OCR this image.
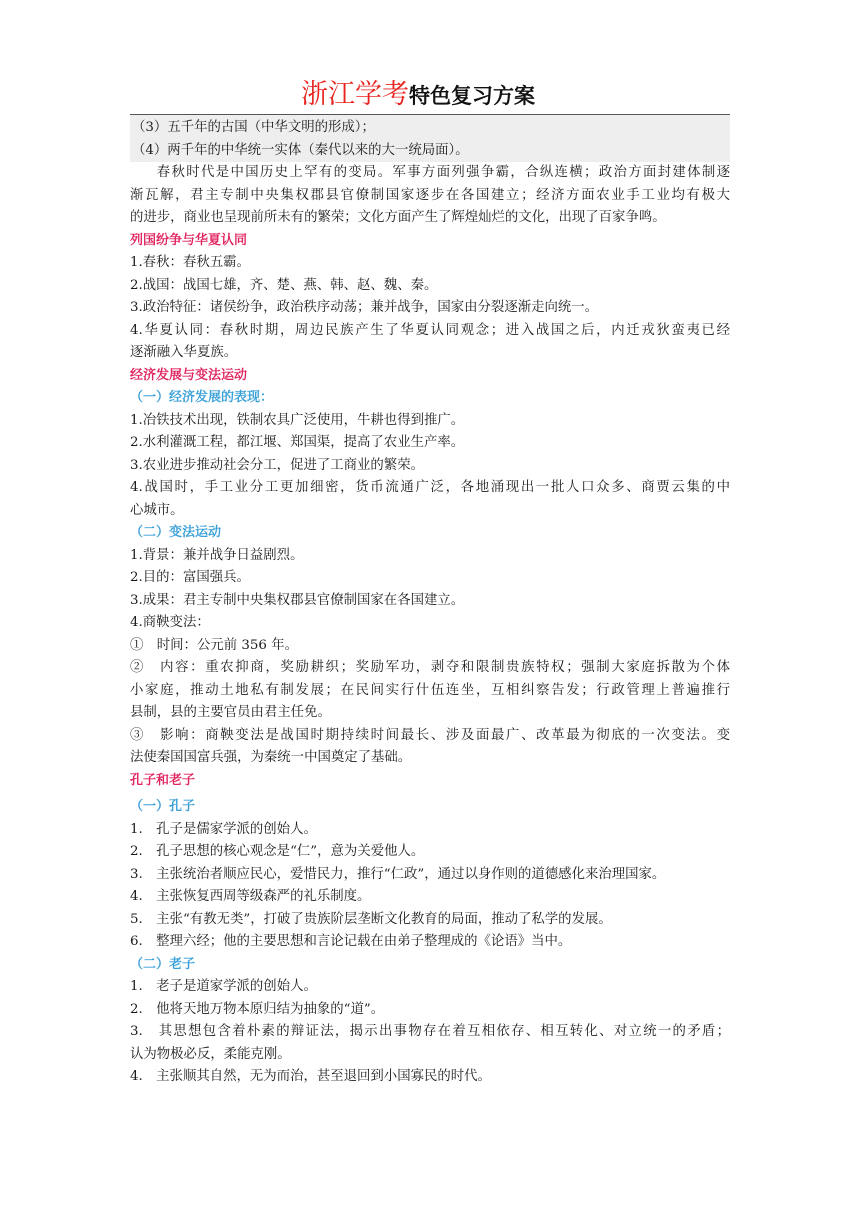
浙江学考特色复习方案
（3）五千年的古国（中华文明的形成）；
（4）两千年的中华统一实体（秦代以来的大一统局面）。
春秋时代是中国历史上罕有的变局。军事方面列强争霸，合纵连横；政治方面封建体制逐
渐瓦解，君主专制中央集权郡县官僚制国家逐步在各国建立；经济方面农业手工业均有极大
的进步，商业也呈现前所未有的繁荣；文化方面产生了辉煌灿烂的文化，出现了百家争鸣。
列国纷争与华夏认同
1.春秋：春秋五霸。
2.战国：战国七雄，齐、楚、燕、韩、赵、魏、秦。
3.政治特征：诸侯纷争，政治秩序动荡；兼并战争，国家由分裂逐渐走向统一。
4.华夏认同：春秋时期，周边民族产生了华夏认同观念；进入战国之后，内迁戎狄蛮夷已经
逐渐融入华夏族。
经济发展与变法运动
（一）经济发展的表现：
1.冶铁技术出现，铁制农具广泛使用，牛耕也得到推广。
2.水利灌溉工程，都江堰、郑国渠，提高了农业生产率。
3.农业进步推动社会分工，促进了工商业的繁荣。
4.战国时，手工业分工更加细密，货币流通广泛，各地涌现出一批人口众多、商贾云集的中
心城市。
（二）变法运动
1.背景：兼并战争日益剧烈。
2.目的：富国强兵。
3.成果：君主专制中央集权郡县官僚制国家在各国建立。
4.商鞅变法：
①　时间：公元前 356 年。
②　内容：重农抑商，奖励耕织；奖励军功，剥夺和限制贵族特权；强制大家庭拆散为个体
小家庭，推动土地私有制发展；在民间实行什伍连坐，互相纠察告发；行政管理上普遍推行
县制，县的主要官员由君主任免。
③　影响：商鞅变法是战国时期持续时间最长、涉及面最广、改革最为彻底的一次变法。变
法使秦国国富兵强，为秦统一中国奠定了基础。
孔子和老子
（一）孔子
1.　孔子是儒家学派的创始人。
2.　孔子思想的核心观念是“仁”，意为关爱他人。
3.　主张统治者顺应民心，爱惜民力，推行“仁政”，通过以身作则的道德感化来治理国家。
4.　主张恢复西周等级森严的礼乐制度。
5.　主张“有教无类”，打破了贵族阶层垄断文化教育的局面，推动了私学的发展。
6.　整理六经；他的主要思想和言论记载在由弟子整理成的《论语》当中。
（二）老子
1.　老子是道家学派的创始人。
2.　他将天地万物本原归结为抽象的“道”。
3.　其思想包含着朴素的辩证法，揭示出事物存在着互相依存、相互转化、对立统一的矛盾；
认为物极必反，柔能克刚。
4.　主张顺其自然，无为而治，甚至退回到小国寡民的时代。
